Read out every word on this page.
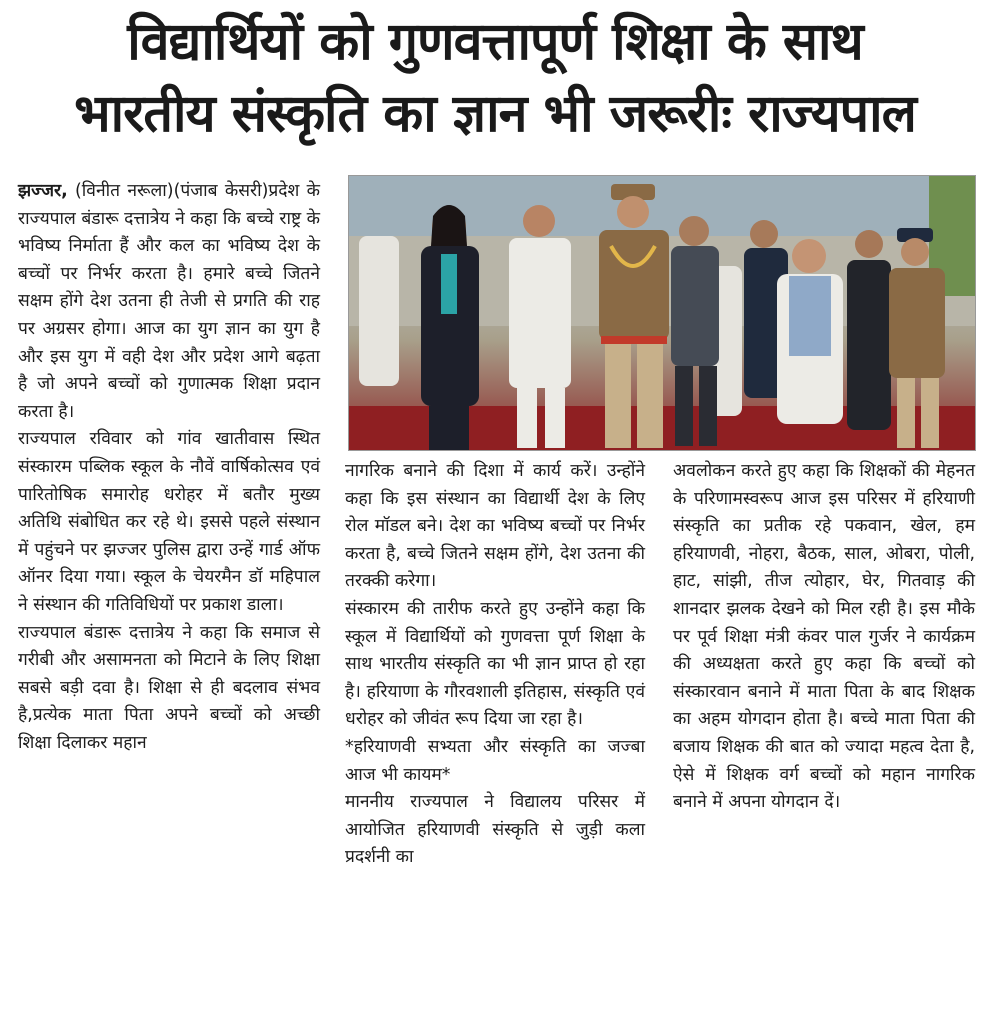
विद्यार्थियों को गुणवत्तापूर्ण शिक्षा के साथ
भारतीय संस्कृति का ज्ञान भी जरूरीः राज्यपाल

झज्जर, (विनीत नरूला)(पंजाब केसरी)प्रदेश के राज्यपाल बंडारू दत्तात्रेय ने कहा कि बच्चे राष्ट्र के भविष्य निर्माता हैं और कल का भविष्य देश के बच्चों पर निर्भर करता है। हमारे बच्चे जितने सक्षम होंगे देश उतना ही तेजी से प्रगति की राह पर अग्रसर होगा। आज का युग ज्ञान का युग है और इस युग में वही देश और प्रदेश आगे बढ़ता है जो अपने बच्चों को गुणात्मक शिक्षा प्रदान करता है।

राज्यपाल रविवार को गांव खातीवास स्थित संस्कारम पब्लिक स्कूल के नौवें वार्षिकोत्सव एवं पारितोषिक समारोह धरोहर में बतौर मुख्य अतिथि संबोधित कर रहे थे। इससे पहले संस्थान में पहुंचने पर झज्जर पुलिस द्वारा उन्हें गार्ड ऑफ ऑनर दिया गया। स्कूल के चेयरमैन डॉ महिपाल ने संस्थान की गतिविधियों पर प्रकाश डाला।

राज्यपाल बंडारू दत्तात्रेय ने कहा कि समाज से गरीबी और असामनता को मिटाने के लिए शिक्षा सबसे बड़ी दवा है। शिक्षा से ही बदलाव संभव है,प्रत्येक माता पिता अपने बच्चों को अच्छी शिक्षा दिलाकर महान

नागरिक बनाने की दिशा में कार्य करें। उन्होंने कहा कि इस संस्थान का विद्यार्थी देश के लिए रोल मॉडल बने। देश का भविष्य बच्चों पर निर्भर करता है, बच्चे जितने सक्षम होंगे, देश उतना की तरक्की करेगा।

संस्कारम की तारीफ करते हुए उन्होंने कहा कि स्कूल में विद्यार्थियों को गुणवत्ता पूर्ण शिक्षा के साथ भारतीय संस्कृति का भी ज्ञान प्राप्त हो रहा है। हरियाणा के गौरवशाली इतिहास, संस्कृति एवं धरोहर को जीवंत रूप दिया जा रहा है।

*हरियाणवी सभ्यता और संस्कृति का जज्बा आज भी कायम*

माननीय राज्यपाल ने विद्यालय परिसर में आयोजित हरियाणवी संस्कृति से जुड़ी कला प्रदर्शनी का

अवलोकन करते हुए कहा कि शिक्षकों की मेहनत के परिणामस्वरूप आज इस परिसर में हरियाणी संस्कृति का प्रतीक रहे पकवान, खेल, हम हरियाणवी, नोहरा, बैठक, साल, ओबरा, पोली, हाट, सांझी, तीज त्योहार, घेर, गितवाड़ की शानदार झलक देखने को मिल रही है। इस मौके पर पूर्व शिक्षा मंत्री कंवर पाल गुर्जर ने कार्यक्रम की अध्यक्षता करते हुए कहा कि बच्चों को संस्कारवान बनाने में माता पिता के बाद शिक्षक का अहम योगदान होता है। बच्चे माता पिता की बजाय शिक्षक की बात को ज्यादा महत्व देता है, ऐसे में शिक्षक वर्ग बच्चों को महान नागरिक बनाने में अपना योगदान दें।
